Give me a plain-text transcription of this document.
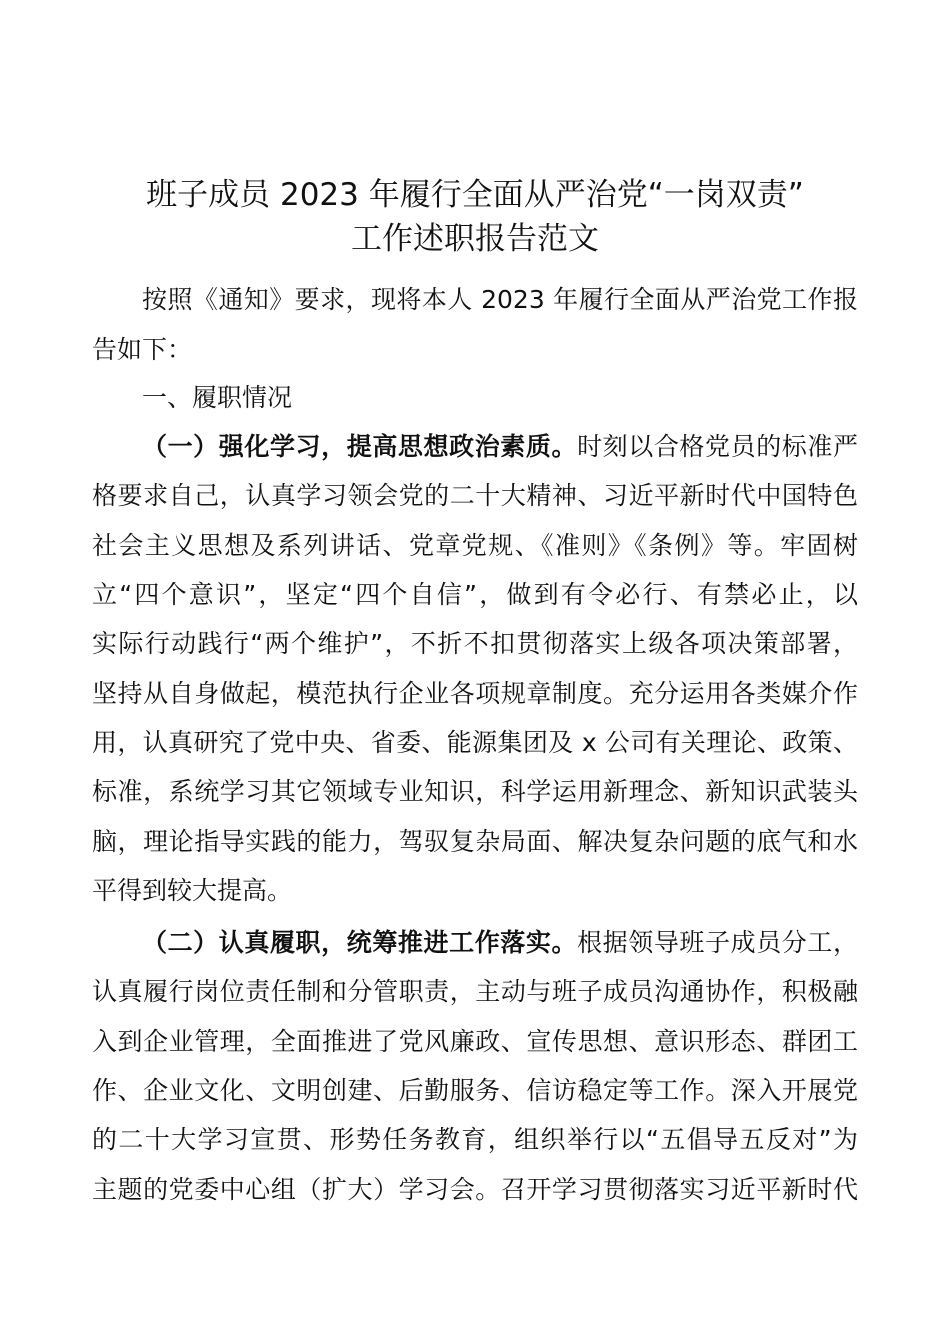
班子成员 2023 年履行全面从严治党“一岗双责”
工作述职报告范文
按照《通知》要求，现将本人 2023 年履行全面从严治党工作报
告如下：
一、履职情况
（一）强化学习，提高思想政治素质。时刻以合格党员的标准严
格要求自己，认真学习领会党的二十大精神、习近平新时代中国特色
社会主义思想及系列讲话、党章党规、《准则》《条例》等。牢固树
立“四个意识”，坚定“四个自信”，做到有令必行、有禁必止，以
实际行动践行“两个维护”，不折不扣贯彻落实上级各项决策部署，
坚持从自身做起，模范执行企业各项规章制度。充分运用各类媒介作
用，认真研究了党中央、省委、能源集团及 x 公司有关理论、政策、
标准，系统学习其它领域专业知识，科学运用新理念、新知识武装头
脑，理论指导实践的能力，驾驭复杂局面、解决复杂问题的底气和水
平得到较大提高。
（二）认真履职，统筹推进工作落实。根据领导班子成员分工，
认真履行岗位责任制和分管职责，主动与班子成员沟通协作，积极融
入到企业管理，全面推进了党风廉政、宣传思想、意识形态、群团工
作、企业文化、文明创建、后勤服务、信访稳定等工作。深入开展党
的二十大学习宣贯、形势任务教育，组织举行以“五倡导五反对”为
主题的党委中心组（扩大）学习会。召开学习贯彻落实习近平新时代
